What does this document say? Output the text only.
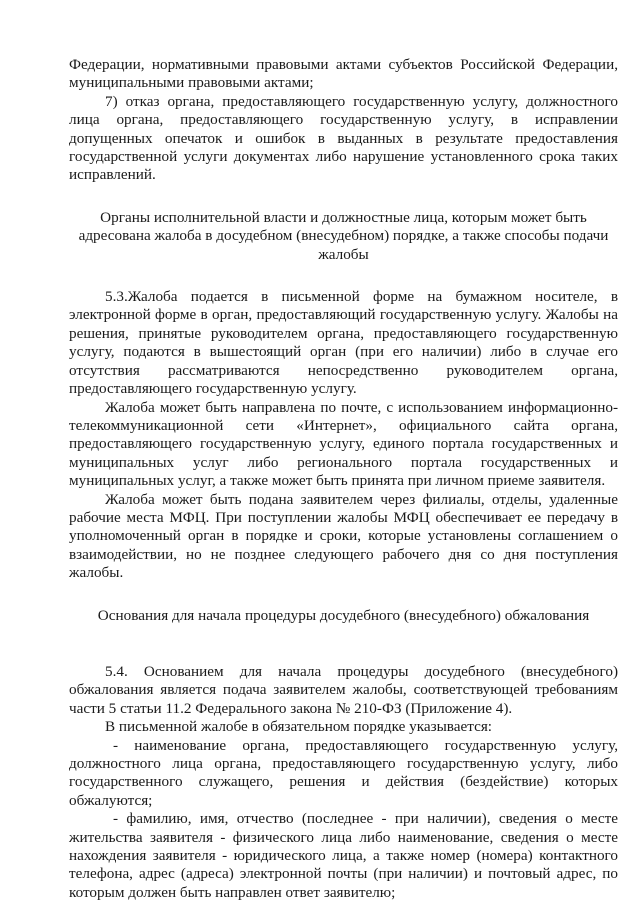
Федерации, нормативными правовыми актами субъектов Российской Федерации, муниципальными правовыми актами;

7) отказ органа, предоставляющего государственную услугу, должностного лица органа, предоставляющего государственную услугу, в исправлении допущенных опечаток и ошибок в выданных в результате предоставления государственной услуги документах либо нарушение установленного срока таких исправлений.

Органы исполнительной власти и должностные лица, которым может быть
адресована жалоба в досудебном (внесудебном) порядке, а также способы подачи
жалобы

5.3.Жалоба подается в письменной форме на бумажном носителе, в электронной форме в орган, предоставляющий государственную услугу. Жалобы на решения, принятые руководителем органа, предоставляющего государственную услугу, подаются в вышестоящий орган (при его наличии) либо в случае его отсутствия рассматриваются непосредственно руководителем органа, предоставляющего государственную услугу.

Жалоба может быть направлена по почте, с использованием информационно-телекоммуникационной сети «Интернет», официального сайта органа, предоставляющего государственную услугу, единого портала государственных и муниципальных услуг либо регионального портала государственных и муниципальных услуг, а также может быть принята при личном приеме заявителя.

Жалоба может быть подана заявителем через филиалы, отделы, удаленные рабочие места МФЦ. При поступлении жалобы МФЦ обеспечивает ее передачу в уполномоченный орган в порядке и сроки, которые установлены соглашением о взаимодействии, но не позднее следующего рабочего дня со дня поступления жалобы.

Основания для начала процедуры досудебного (внесудебного) обжалования

5.4. Основанием для начала процедуры досудебного (внесудебного) обжалования является подача заявителем жалобы, соответствующей требованиям части 5 статьи 11.2 Федерального закона № 210-ФЗ (Приложение 4).

В письменной жалобе в обязательном порядке указывается:

- наименование органа, предоставляющего государственную услугу, должностного лица органа, предоставляющего государственную услугу, либо государственного служащего, решения и действия (бездействие) которых обжалуются;

- фамилию, имя, отчество (последнее - при наличии), сведения о месте жительства заявителя - физического лица либо наименование, сведения о месте нахождения заявителя - юридического лица, а также номер (номера) контактного телефона, адрес (адреса) электронной почты (при наличии) и почтовый адрес, по которым должен быть направлен ответ заявителю;
